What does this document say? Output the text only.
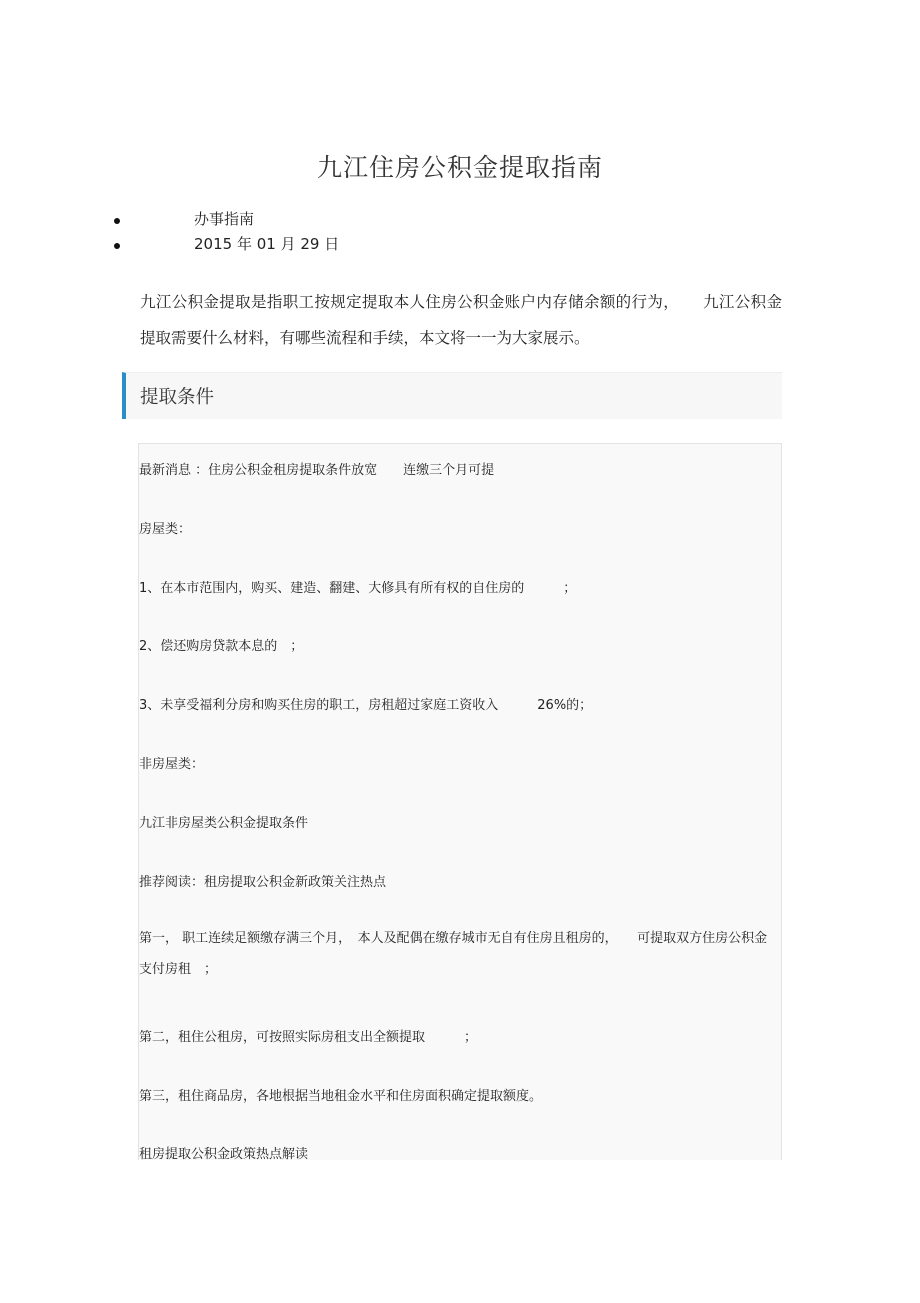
九江住房公积金提取指南
办事指南
2015 年 01 月 29 日
九江公积金提取是指职工按规定提取本人住房公积金账户内存储余额的行为，　　九江公积金提取需要什么材料，有哪些流程和手续，本文将一一为大家展示。
提取条件
最新消息 ：住房公积金租房提取条件放宽　　连缴三个月可提
房屋类：
1、在本市范围内，购买、建造、翻建、大修具有所有权的自住房的　　　；
2、偿还购房贷款本息的　；
3、未享受福利分房和购买住房的职工，房租超过家庭工资收入　　　26%的；
非房屋类：
九江非房屋类公积金提取条件
推荐阅读：租房提取公积金新政策关注热点
第一， 职工连续足额缴存满三个月，　本人及配偶在缴存城市无自有住房且租房的，　　可提取双方住房公积金支付房租　；
第二，租住公租房，可按照实际房租支出全额提取　　　；
第三，租住商品房，各地根据当地租金水平和住房面积确定提取额度。
租房提取公积金政策热点解读
